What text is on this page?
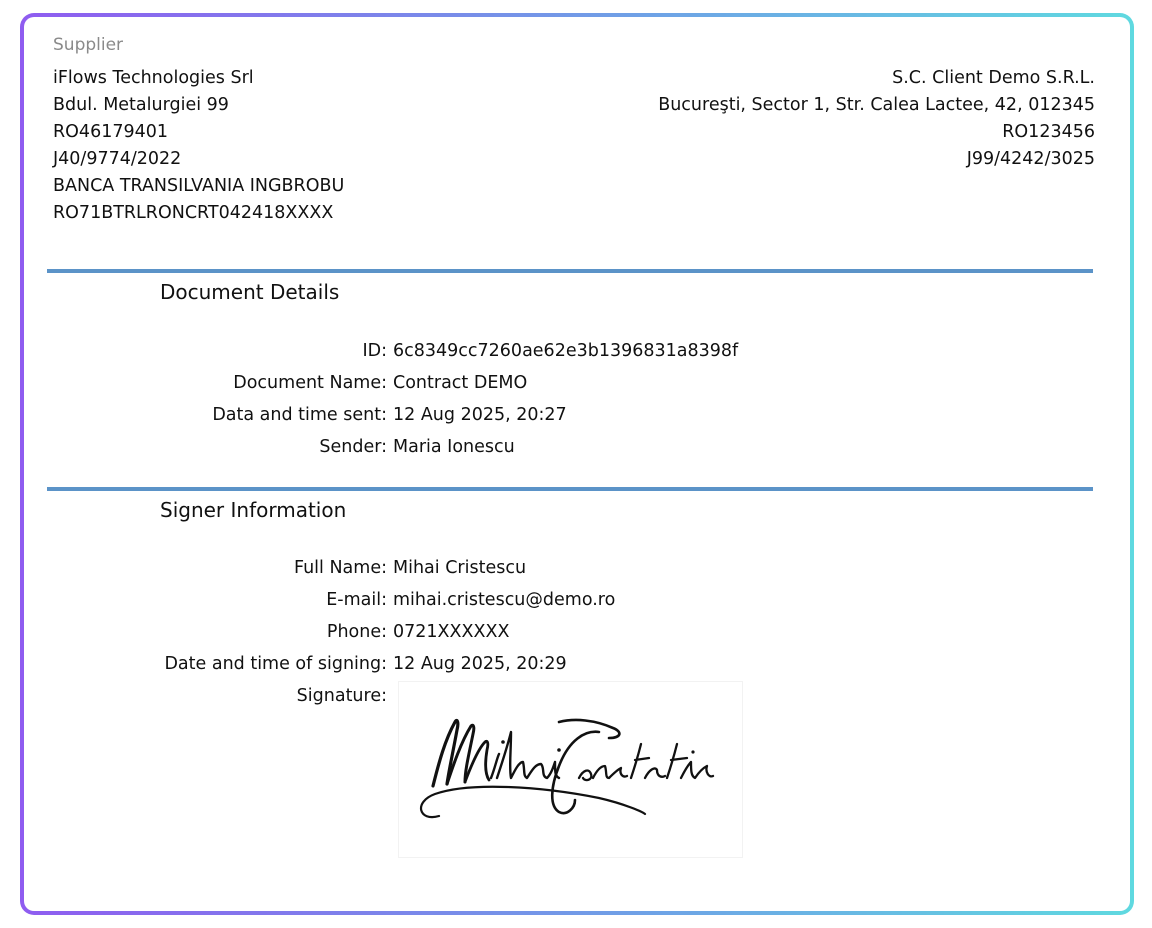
Supplier
iFlows Technologies Srl
Bdul. Metalurgiei 99
RO46179401
J40/9774/2022
BANCA TRANSILVANIA INGBROBU
RO71BTRLRONCRT042418XXXX
S.C. Client Demo S.R.L.
Bucureşti, Sector 1, Str. Calea Lactee, 42, 012345
RO123456
J99/4242/3025
Document Details
ID: 6c8349cc7260ae62e3b1396831a8398f
Document Name: Contract DEMO
Data and time sent: 12 Aug 2025, 20:27
Sender: Maria Ionescu
Signer Information
Full Name: Mihai Cristescu
E-mail: mihai.cristescu@demo.ro
Phone: 0721XXXXXX
Date and time of signing: 12 Aug 2025, 20:29
Signature:
